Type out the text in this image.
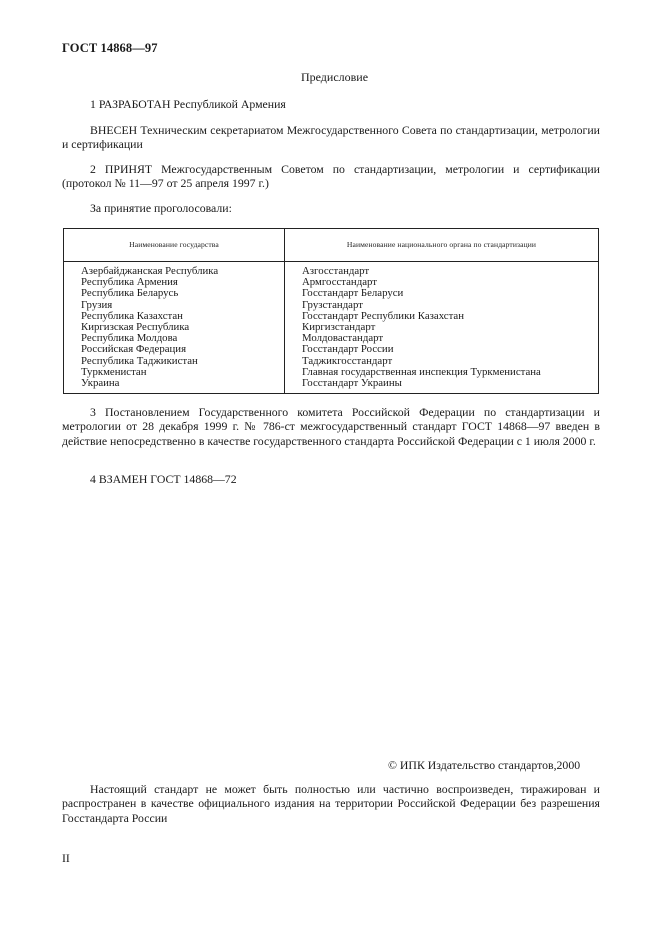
ГОСТ 14868—97
Предисловие

1 РАЗРАБОТАН Республикой Армения

ВНЕСЕН Техническим секретариатом Межгосударственного Совета по стандартизации, метрологии и сертификации

2 ПРИНЯТ Межгосударственным Советом по стандартизации, метрологии и сертификации (протокол № 11—97 от 25 апреля 1997 г.)

За принятие проголосовали:

Наименование государства	Наименование национального органа по стандартизации
Азербайджанская Республика
Республика Армения
Республика Беларусь
Грузия
Республика Казахстан
Киргизская Республика
Республика Молдова
Российская Федерация
Республика Таджикистан
Туркменистан
Украина
Азгосстандарт
Армгосстандарт
Госстандарт Беларуси
Грузстандарт
Госстандарт Республики Казахстан
Киргизстандарт
Молдовастандарт
Госстандарт России
Таджикгосстандарт
Главная государственная инспекция Туркменистана
Госстандарт Украины

3 Постановлением Государственного комитета Российской Федерации по стандартизации и метрологии от 28 декабря 1999 г. № 786-ст межгосударственный стандарт ГОСТ 14868—97 введен в действие непосредственно в качестве государственного стандарта Российской Федерации с 1 июля 2000 г.

4 ВЗАМЕН ГОСТ 14868—72

© ИПК Издательство стандартов,2000

Настоящий стандарт не может быть полностью или частично воспроизведен, тиражирован и распространен в качестве официального издания на территории Российской Федерации без разрешения Госстандарта России

II
